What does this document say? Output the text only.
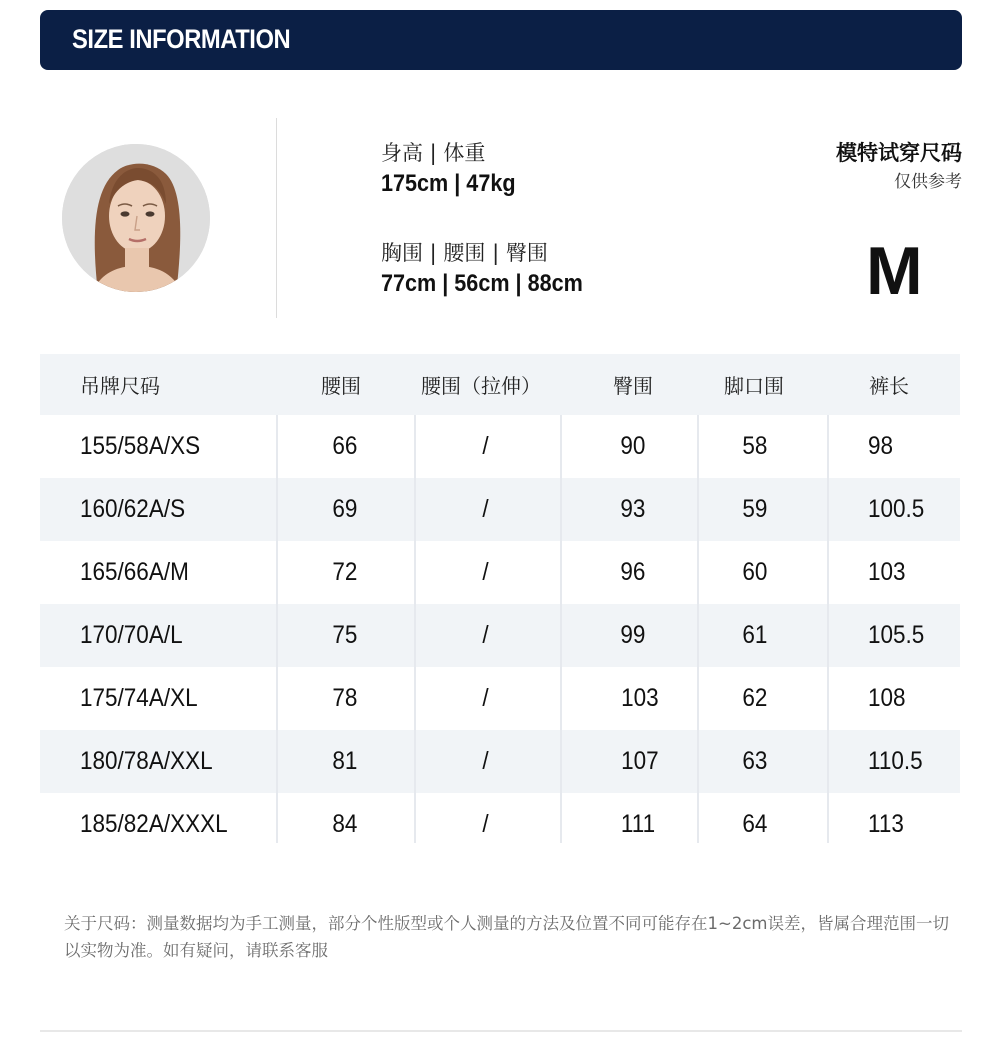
SIZE INFORMATION
身高 | 体重
175cm | 47kg
胸围 | 腰围 | 臀围
77cm | 56cm | 88cm
模特试穿尺码
仅供参考
M
吊牌尺码	腰围	腰围（拉伸）	臀围	脚口围	裤长
155/58A/XS	66	/	90	58	98
160/62A/S	69	/	93	59	100.5
165/66A/M	72	/	96	60	103
170/70A/L	75	/	99	61	105.5
175/74A/XL	78	/	103	62	108
180/78A/XXL	81	/	107	63	110.5
185/82A/XXXL	84	/	111	64	113
关于尺码：测量数据均为手工测量，部分个性版型或个人测量的方法及位置不同可能存在1~2cm误差，皆属合理范围一切以实物为准。如有疑问，请联系客服
